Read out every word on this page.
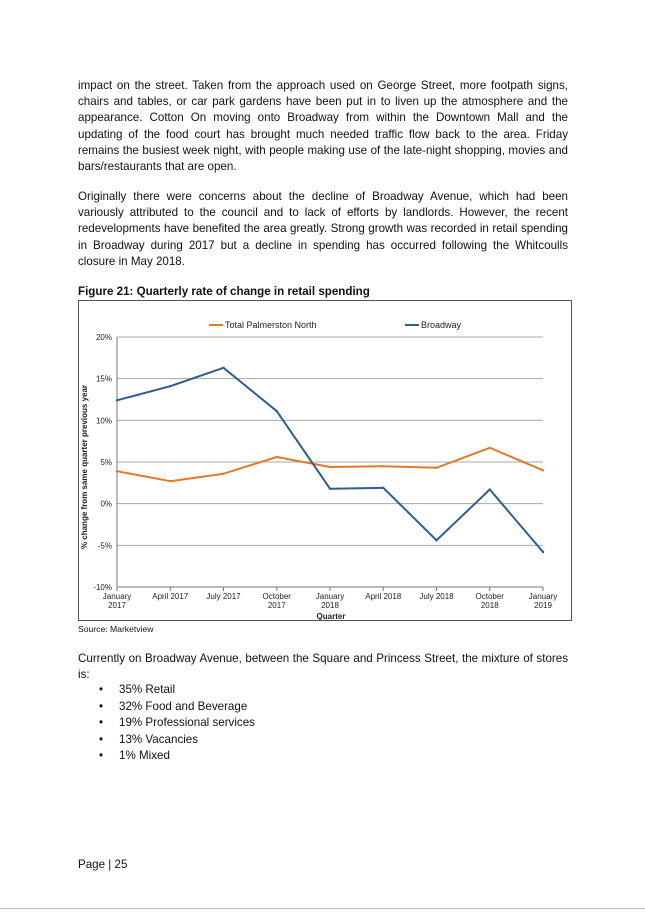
impact on the street. Taken from the approach used on George Street, more footpath signs, chairs and tables, or car park gardens have been put in to liven up the atmosphere and the appearance. Cotton On moving onto Broadway from within the Downtown Mall and the updating of the food court has brought much needed traffic flow back to the area. Friday remains the busiest week night, with people making use of the late-night shopping, movies and bars/restaurants that are open.

Originally there were concerns about the decline of Broadway Avenue, which had been variously attributed to the council and to lack of efforts by landlords. However, the recent redevelopments have benefited the area greatly. Strong growth was recorded in retail spending in Broadway during 2017 but a decline in spending has occurred following the Whitcoulls closure in May 2018.

Figure 21: Quarterly rate of change in retail spending

20%
15%
10%
5%
0%
-5%
-10%
January
2017
April 2017 July 2017	October
2017
January
2018
April 2018 July 2018	October
2018
January
2019
Quarter
% change from same quarter previous year
Total Palmerston North	Broadway

Source: Marketview

Currently on Broadway Avenue, between the Square and Princess Street, the mixture of stores is:

• 35% Retail
• 32% Food and Beverage
• 19% Professional services
• 13% Vacancies
• 1% Mixed

Page | 25
